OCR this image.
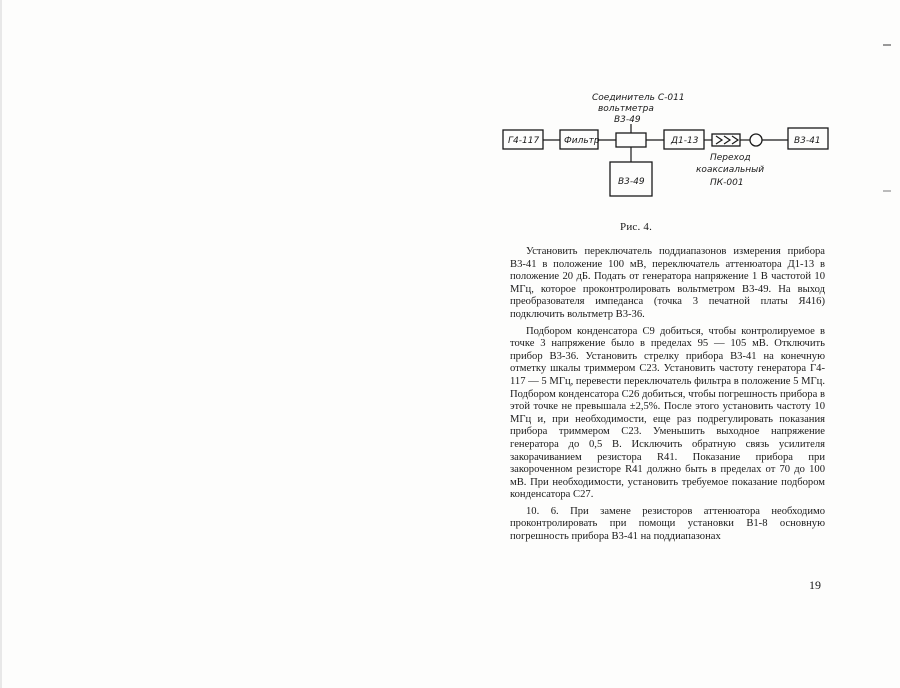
Соединитель С-011
вольтметра
В3-49
Г4-117	Фильтр	Д1-13	В3-41
В3-49
Переход
коаксиальный
ПК-001
Рис. 4.

Установить переключатель поддиапазонов измерения прибора В3-41 в положение 100 мВ, переключатель аттенюатора Д1-13 в положение 20 дБ. Подать от генератора напряжение 1 В частотой 10 МГц, которое проконтролировать вольтметром В3-49. На выход преобразователя импеданса (точка 3 печатной платы Я416) подключить вольтметр В3-36.

Подбором конденсатора С9 добиться, чтобы контролируемое в точке 3 напряжение было в пределах 95 — 105 мВ. Отключить прибор В3-36. Установить стрелку прибора В3-41 на конечную отметку шкалы триммером С23. Установить частоту генератора Г4-117 — 5 МГц, перевести переключатель фильтра в положение 5 МГц. Подбором конденсатора С26 добиться, чтобы погрешность прибора в этой точке не превышала ±2,5%. После этого установить частоту 10 МГц и, при необходимости, еще раз подрегулировать показания прибора триммером С23. Уменьшить выходное напряжение генератора до 0,5 В. Исключить обратную связь усилителя закорачиванием резистора R41. Показание прибора при закороченном резисторе R41 должно быть в пределах от 70 до 100 мВ. При необходимости, установить требуемое показание подбором конденсатора С27.

10. 6. При замене резисторов аттенюатора необходимо проконтролировать при помощи установки В1-8 основную погрешность прибора В3-41 на поддиапазонах

19
